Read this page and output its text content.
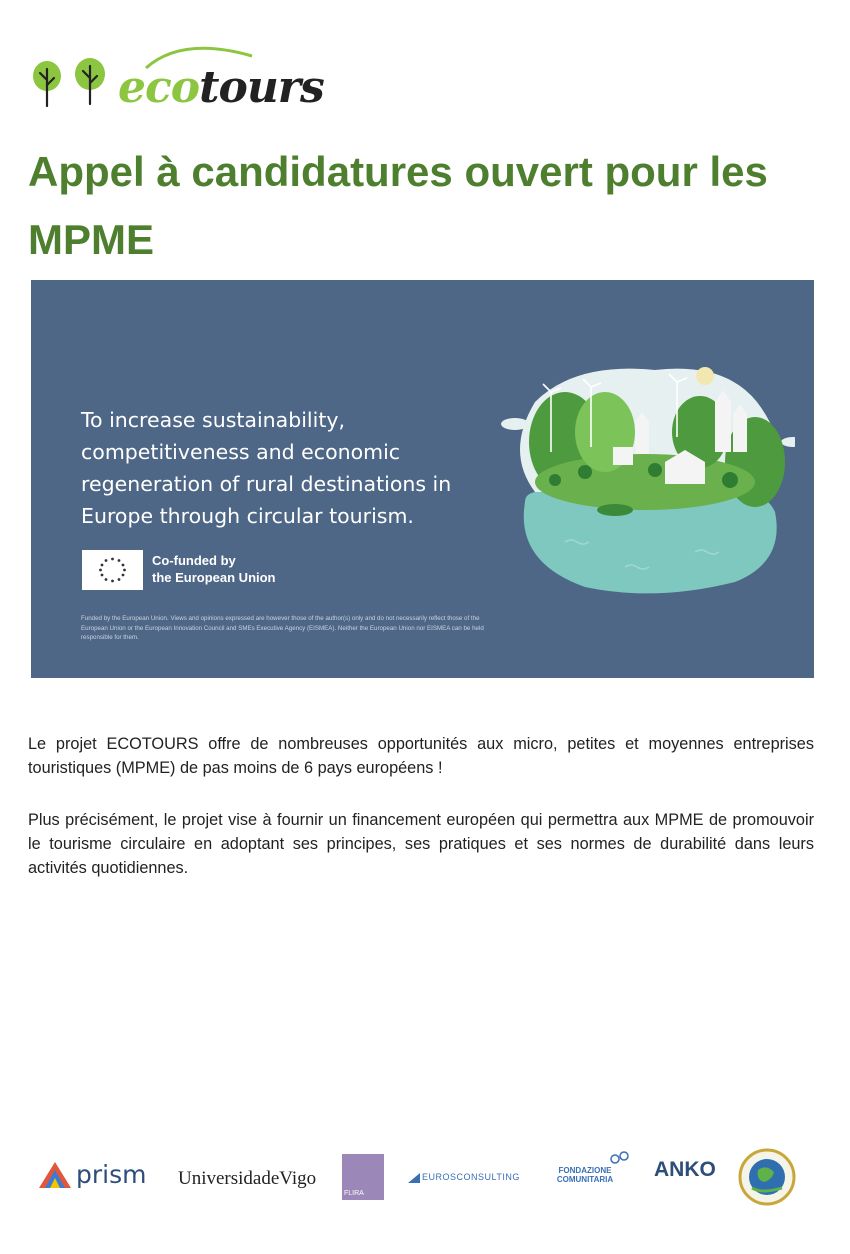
ecotours
Appel à candidatures ouvert pour les MPME
To increase sustainability, competitiveness and economic regeneration of rural destinations in Europe through circular tourism.
Co-funded by
the European Union
Funded by the European Union. Views and opinions expressed are however those of the author(s) only and do not necessarily reflect those of the European Union or the European Innovation Council and SMEs Executive Agency (EISMEA). Neither the European Union nor EISMEA can be held responsible for them.

Le projet ECOTOURS offre de nombreuses opportunités aux micro, petites et moyennes entreprises touristiques (MPME) de pas moins de 6 pays européens !

Plus précisément, le projet vise à fournir un financement européen qui permettra aux MPME de promouvoir le tourisme circulaire en adoptant ses principes, ses pratiques et ses normes de durabilité dans leurs activités quotidiennes.

prism UniversidadeVigo
FLIRA
EUROSCONSULTING
FONDAZIONE COMUNITARIA ANKO
